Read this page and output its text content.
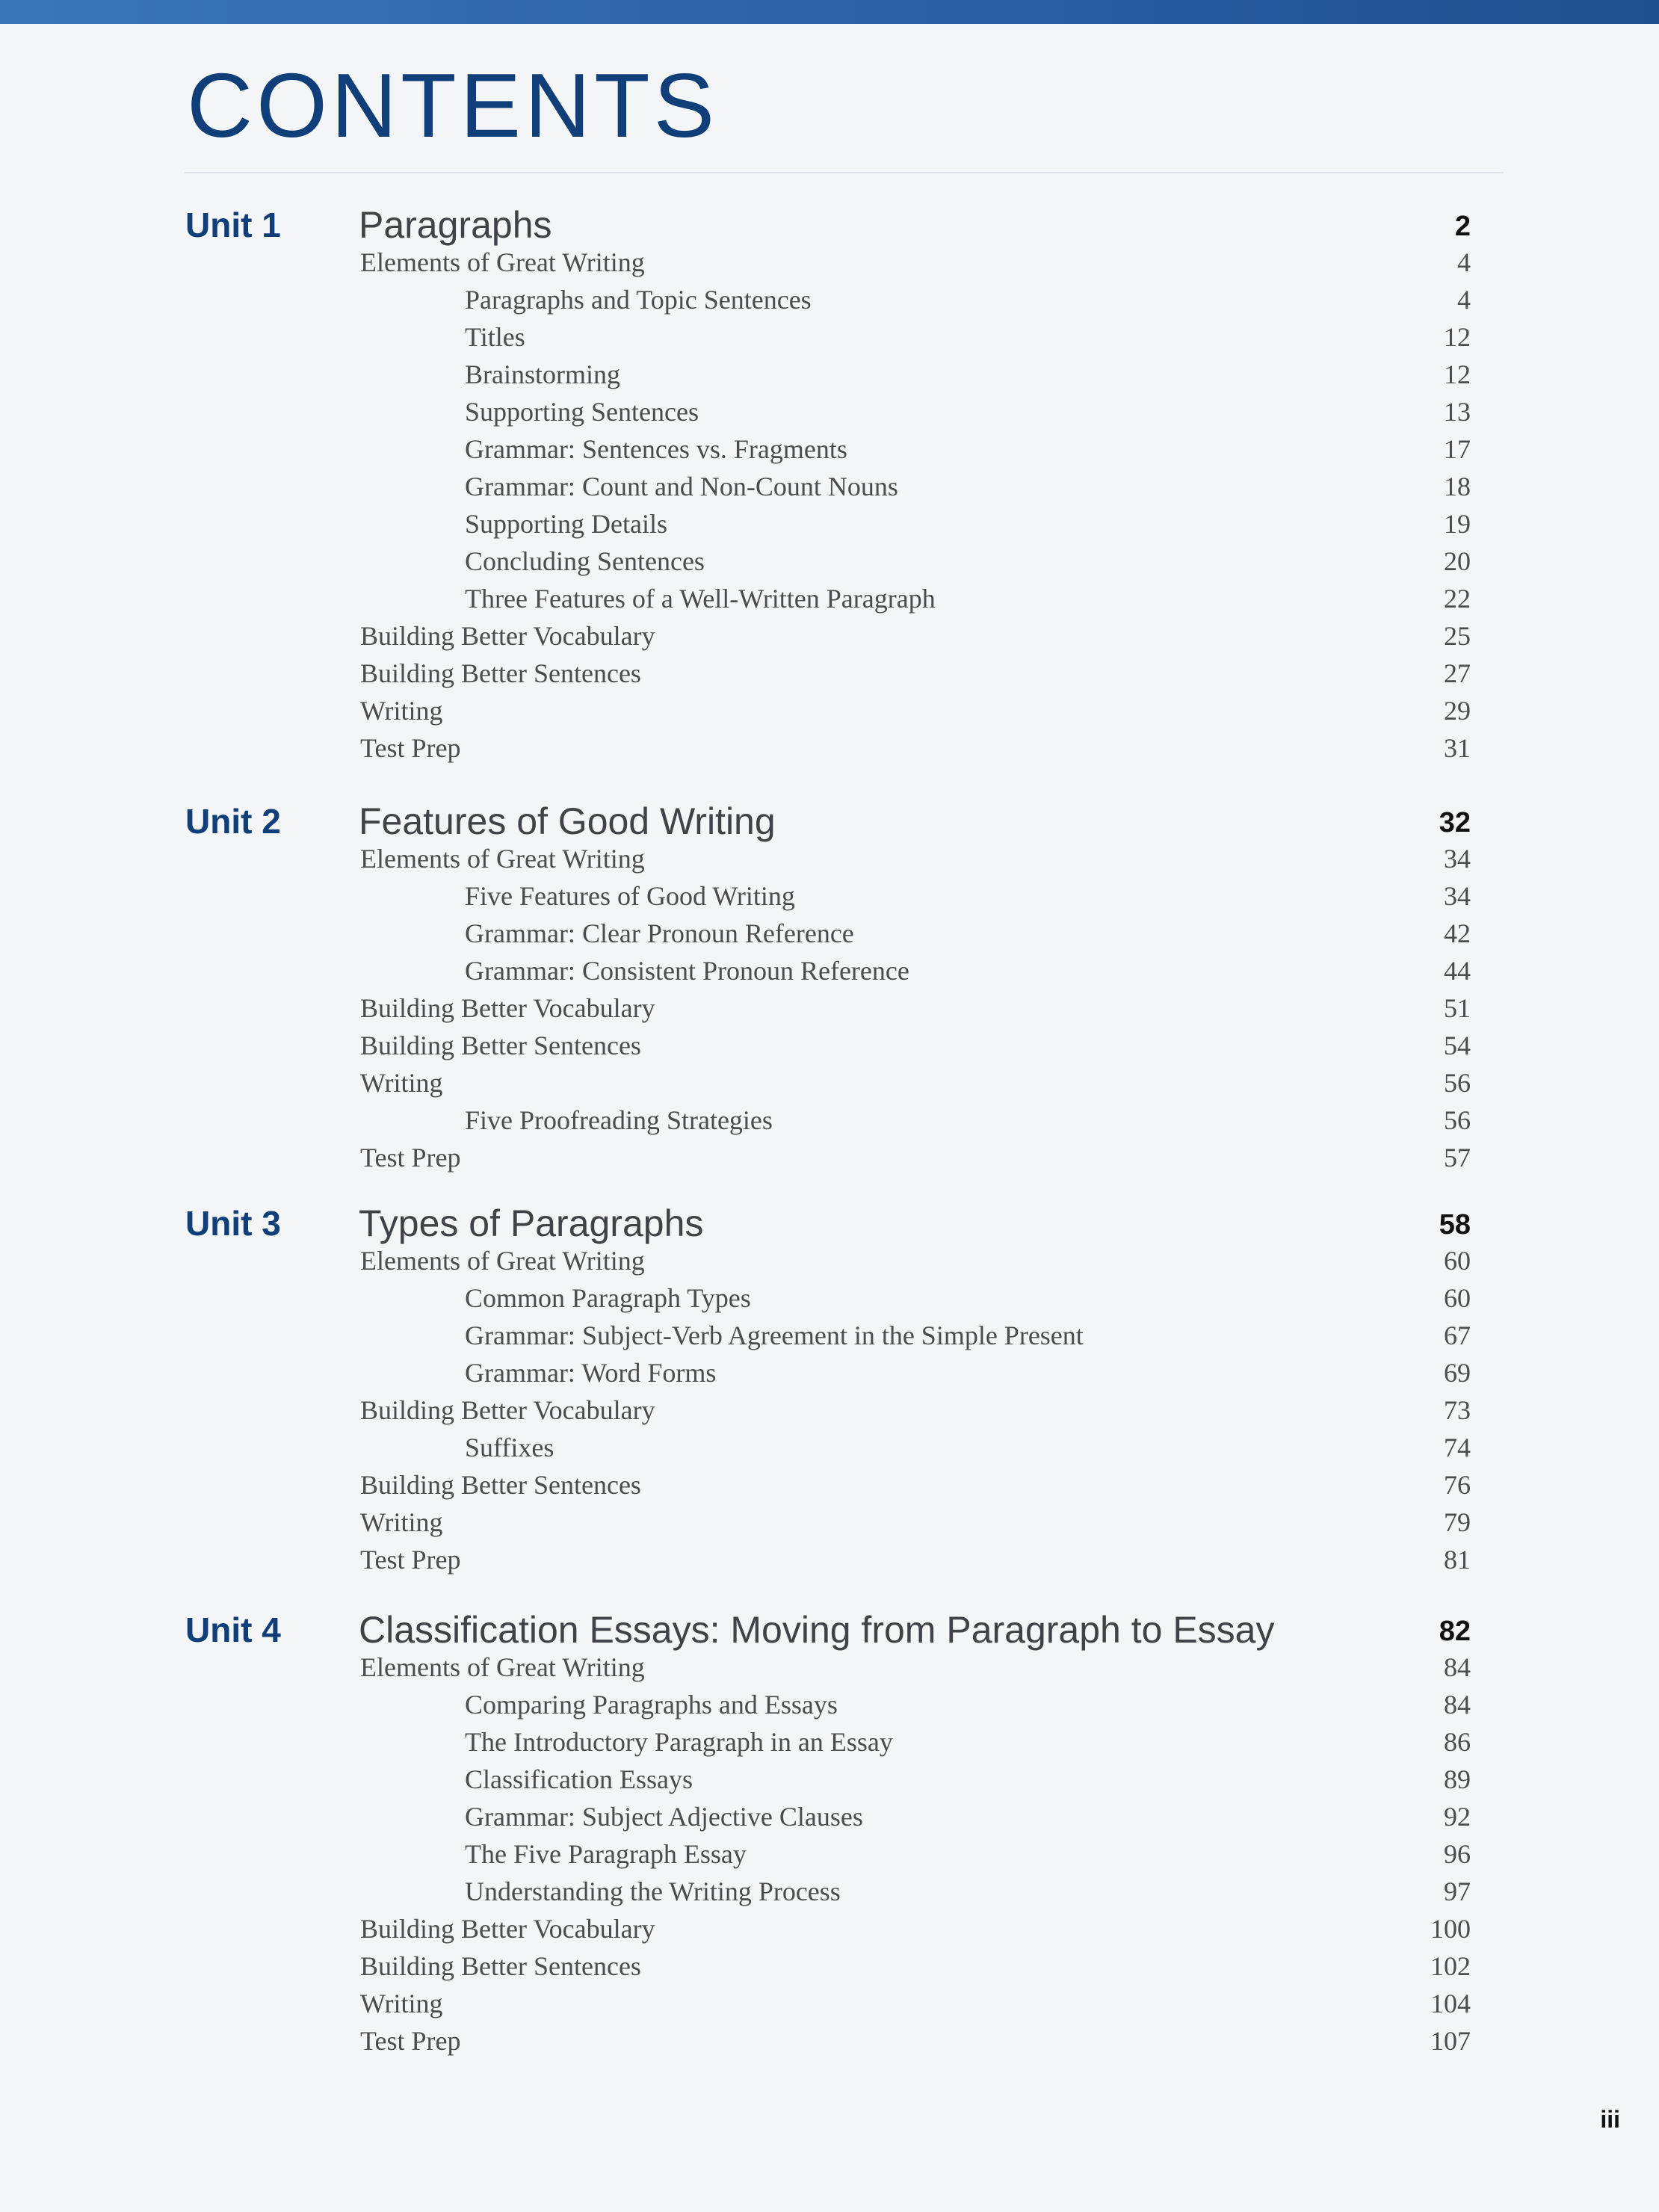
CONTENTS
Unit 1 Paragraphs	2
Elements of Great Writing	4
Paragraphs and Topic Sentences	4
Titles	12
Brainstorming	12
Supporting Sentences	13
Grammar: Sentences vs. Fragments	17
Grammar: Count and Non-Count Nouns	18
Supporting Details	19
Concluding Sentences	20
Three Features of a Well-Written Paragraph	22
Building Better Vocabulary	25
Building Better Sentences	27
Writing	29
Test Prep	31
Unit 2 Features of Good Writing	32
Elements of Great Writing	34
Five Features of Good Writing	34
Grammar: Clear Pronoun Reference	42
Grammar: Consistent Pronoun Reference	44
Building Better Vocabulary	51
Building Better Sentences	54
Writing	56
Five Proofreading Strategies	56
Test Prep	57
Unit 3 Types of Paragraphs	58
Elements of Great Writing	60
Common Paragraph Types	60
Grammar: Subject-Verb Agreement in the Simple Present	67
Grammar: Word Forms	69
Building Better Vocabulary	73
Suffixes	74
Building Better Sentences	76
Writing	79
Test Prep	81
Unit 4 Classification Essays: Moving from Paragraph to Essay	82
Elements of Great Writing	84
Comparing Paragraphs and Essays	84
The Introductory Paragraph in an Essay	86
Classification Essays	89
Grammar: Subject Adjective Clauses	92
The Five Paragraph Essay	96
Understanding the Writing Process	97
Building Better Vocabulary	100
Building Better Sentences	102
Writing	104
Test Prep	107
iii
